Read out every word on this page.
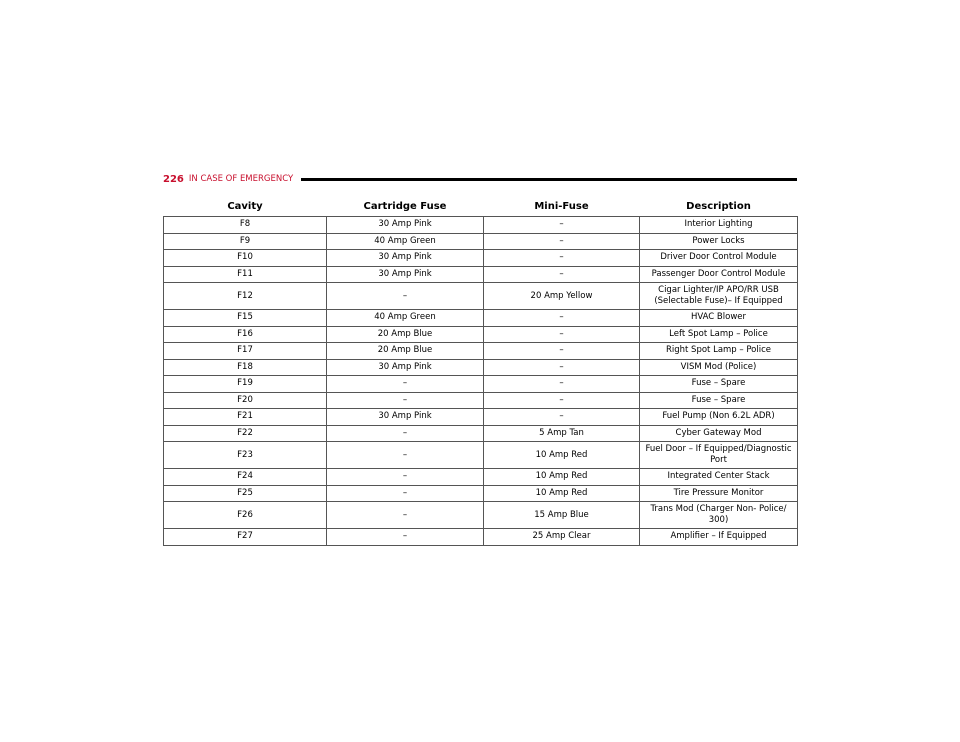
226 IN CASE OF EMERGENCY
Cavity	Cartridge Fuse	Mini-Fuse	Description
F8	30 Amp Pink	–	Interior Lighting
F9	40 Amp Green	–	Power Locks
F10	30 Amp Pink	–	Driver Door Control Module
F11	30 Amp Pink	–	Passenger Door Control Module
F12	–	20 Amp Yellow	Cigar Lighter/IP APO/RR USB (Selectable Fuse)– If Equipped
F15	40 Amp Green	–	HVAC Blower
F16	20 Amp Blue	–	Left Spot Lamp – Police
F17	20 Amp Blue	–	Right Spot Lamp – Police
F18	30 Amp Pink	–	VISM Mod (Police)
F19	–	–	Fuse – Spare
F20	–	–	Fuse – Spare
F21	30 Amp Pink	–	Fuel Pump (Non 6.2L ADR)
F22	–	5 Amp Tan	Cyber Gateway Mod
F23	–	10 Amp Red	Fuel Door – If Equipped/Diagnostic Port
F24	–	10 Amp Red	Integrated Center Stack
F25	–	10 Amp Red	Tire Pressure Monitor
F26	–	15 Amp Blue	Trans Mod (Charger Non- Police/ 300)
F27	–	25 Amp Clear	Amplifier – If Equipped
